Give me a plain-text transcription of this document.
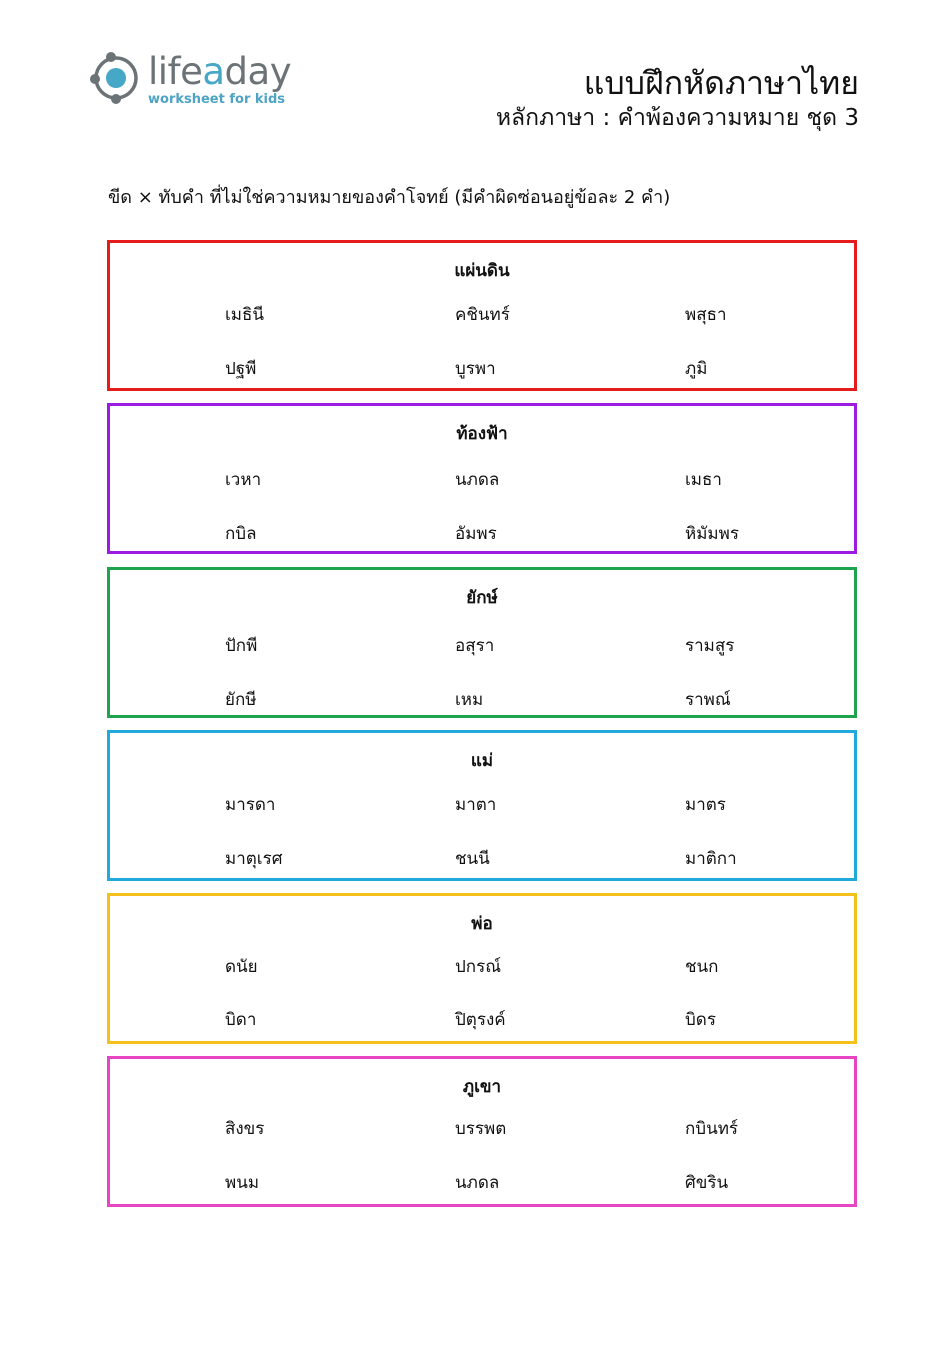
lifeaday
worksheet for kids	แบบฝึกหัดภาษาไทย
หลักภาษา : คำพ้องความหมาย ชุด 3
ขีด × ทับคำ ที่ไม่ใช่ความหมายของคำโจทย์ (มีคำผิดซ่อนอยู่ข้อละ 2 คำ)
แผ่นดิน
เมธินี	คชินทร์	พสุธา
ปฐพี	บูรพา	ภูมิ
ท้องฟ้า
เวหา	นภดล	เมธา
กบิล	อัมพร	หิมัมพร
ยักษ์
ปักพี	อสุรา	รามสูร
ยักษี	เหม	ราพณ์
แม่
มารดา	มาตา	มาตร
มาตุเรศ	ชนนี	มาติกา
พ่อ
ดนัย	ปกรณ์	ชนก
บิดา	ปิตุรงค์	บิดร
ภูเขา
สิงขร	บรรพต	กบินทร์
พนม	นภดล	ศิขริน
